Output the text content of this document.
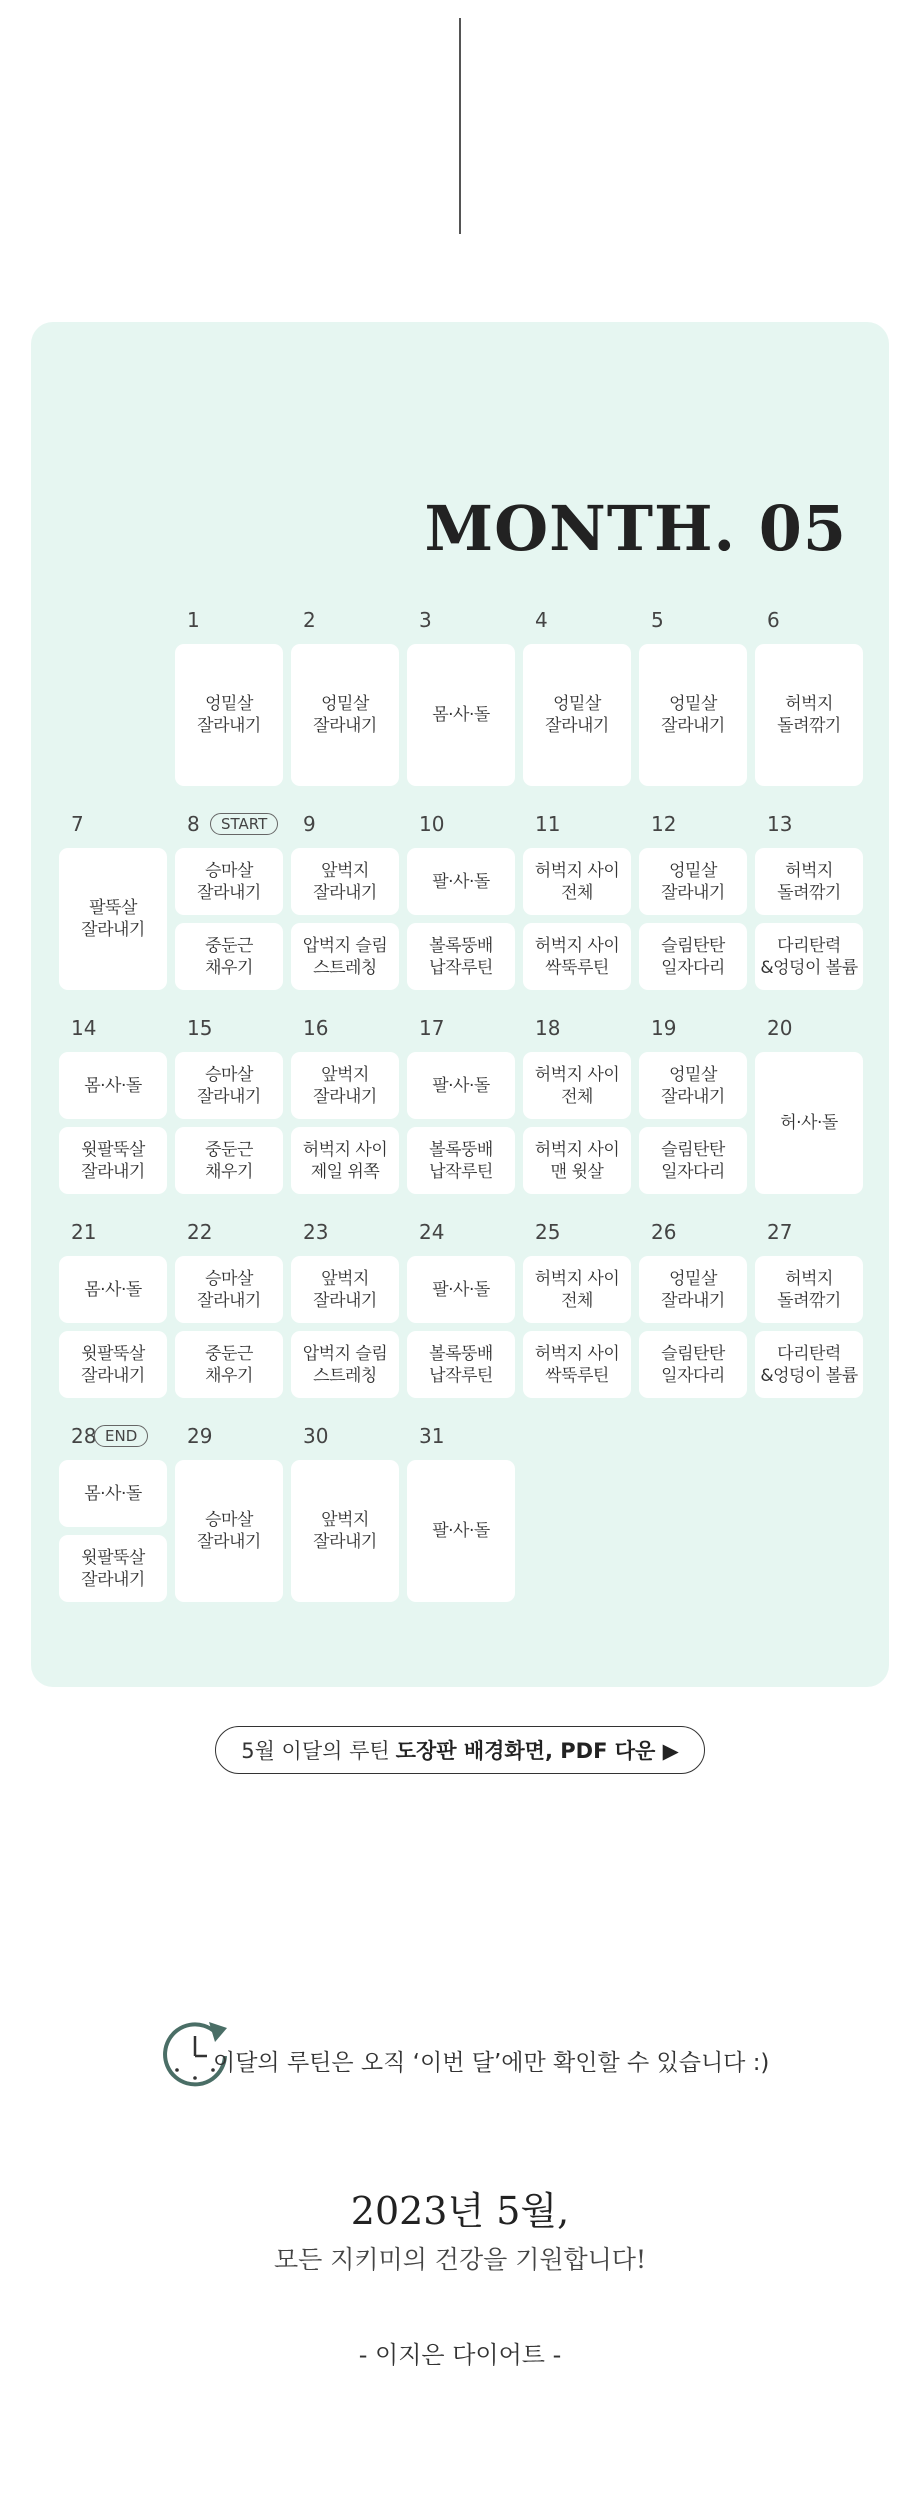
MONTH. 05
1
엉밑살
잘라내기
2
엉밑살
잘라내기
3
몸·사·돌
4
엉밑살
잘라내기
5
엉밑살
잘라내기
6
허벅지
돌려깎기
7
팔뚝살
잘라내기
8	START
승마살
잘라내기
중둔근
채우기
9
앞벅지
잘라내기
압벅지 슬림
스트레칭
10
팔·사·돌
볼록뚱배
납작루틴
11
허벅지 사이
전체
허벅지 사이
싹뚝루틴
12
엉밑살
잘라내기
슬림탄탄
일자다리
13
허벅지
돌려깎기
다리탄력
&엉덩이 볼륨
14
몸·사·돌
윗팔뚝살
잘라내기
15
승마살
잘라내기
중둔근
채우기
16
앞벅지
잘라내기
허벅지 사이
제일 위쪽
17
팔·사·돌
볼록뚱배
납작루틴
18
허벅지 사이
전체
허벅지 사이
맨 윗살
19
엉밑살
잘라내기
슬림탄탄
일자다리
20
허·사·돌
21
몸·사·돌
윗팔뚝살
잘라내기
22
승마살
잘라내기
중둔근
채우기
23
앞벅지
잘라내기
압벅지 슬림
스트레칭
24
팔·사·돌
볼록뚱배
납작루틴
25
허벅지 사이
전체
허벅지 사이
싹뚝루틴
26
엉밑살
잘라내기
슬림탄탄
일자다리
27
허벅지
돌려깎기
다리탄력
&엉덩이 볼륨
28 END
몸·사·돌
윗팔뚝살
잘라내기
29
승마살
잘라내기
30
앞벅지
잘라내기
31
팔·사·돌
5월 이달의 루틴 도장판 배경화면, PDF 다운 ▶
이달의 루틴은 오직 ‘이번 달’에만 확인할 수 있습니다 :)
2023년 5월,
모든 지키미의 건강을 기원합니다!
- 이지은 다이어트 -
